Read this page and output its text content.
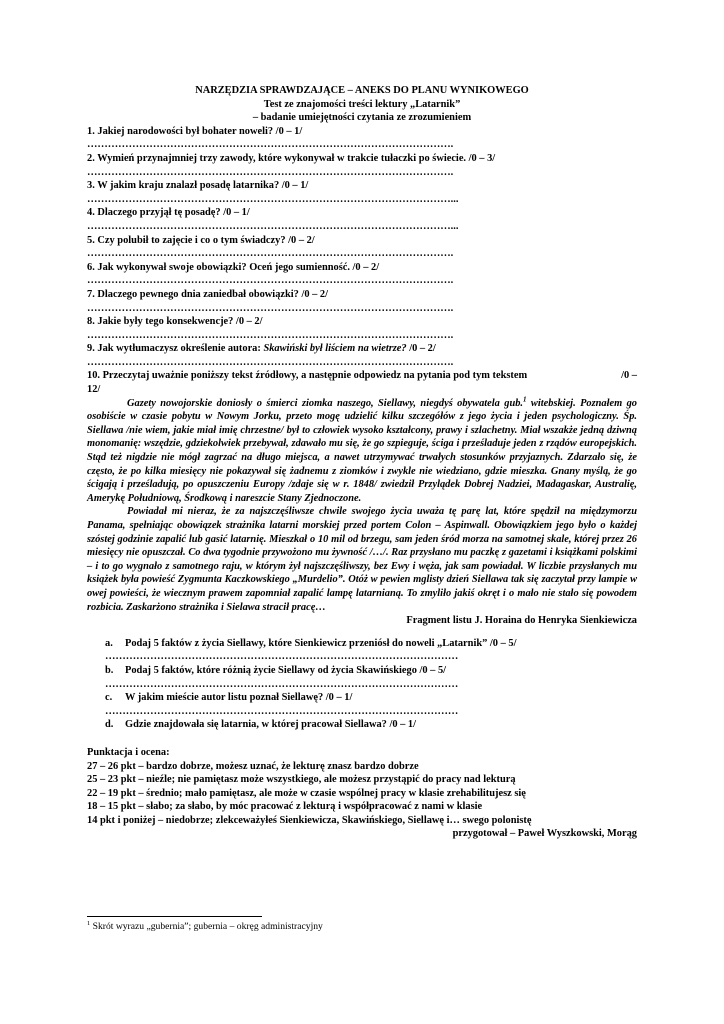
NARZĘDZIA SPRAWDZAJĄCE – ANEKS DO PLANU WYNIKOWEGO
Test ze znajomości treści lektury „Latarnik”
– badanie umiejętności czytania ze zrozumieniem
1. Jakiej narodowości był bohater noweli? /0 – 1/
…………………………………………………………………………………………….
2. Wymień przynajmniej trzy zawody, które wykonywał w trakcie tułaczki po świecie. /0 – 3/
…………………………………………………………………………………………….
3. W jakim kraju znalazł posadę latarnika? /0 – 1/
……………………………………………………………………………………………...
4. Dlaczego przyjął tę posadę? /0 – 1/
……………………………………………………………………………………………...
5. Czy polubił to zajęcie i co o tym świadczy? /0 – 2/
…………………………………………………………………………………………….
6. Jak wykonywał swoje obowiązki? Oceń jego sumienność. /0 – 2/
…………………………………………………………………………………………….
7. Dlaczego pewnego dnia zaniedbał obowiązki? /0 – 2/
…………………………………………………………………………………………….
8. Jakie były tego konsekwencje? /0 – 2/
…………………………………………………………………………………………….
9. Jak wytłumaczysz określenie autora: Skawiński był liściem na wietrze? /0 – 2/
…………………………………………………………………………………………….
10. Przeczytaj uważnie poniższy tekst źródłowy, a następnie odpowiedz na pytania pod tym tekstem	/0 –
12/
Gazety nowojorskie doniosły o śmierci ziomka naszego, Siellawy, niegdyś obywatela gub.$^1$ witebskiej. Poznałem go osobiście w czasie pobytu w Nowym Jorku, przeto mogę udzielić kilku szczegółów z jego życia i jeden psychologiczny. Śp. Siellawa /nie wiem, jakie miał imię chrzestne/ był to człowiek wysoko kształcony, prawy i szlachetny. Miał wszakże jedną dziwną monomanię: wszędzie, gdziekolwiek przebywał, zdawało mu się, że go szpieguje, ściga i prześladuje jeden z rządów europejskich. Stąd też nigdzie nie mógł zagrzać na długo miejsca, a nawet utrzymywać trwałych stosunków przyjaznych. Zdarzało się, że często, że po kilka miesięcy nie pokazywał się żadnemu z ziomków i zwykle nie wiedziano, gdzie mieszka. Gnany myślą, że go ścigają i prześladują, po opuszczeniu Europy /zdaje się w r. 1848/ zwiedził Przylądek Dobrej Nadziei, Madagaskar, Australię, Amerykę Południową, Środkową i nareszcie Stany Zjednoczone.
Powiadał mi nieraz, że za najszczęśliwsze chwile swojego życia uważa tę parę lat, które spędził na międzymorzu Panama, spełniając obowiązek strażnika latarni morskiej przed portem Colon – Aspinwall. Obowiązkiem jego było o każdej szóstej godzinie zapalić lub gasić latarnię. Mieszkał o 10 mil od brzegu, sam jeden śród morza na samotnej skale, której przez 26 miesięcy nie opuszczał. Co dwa tygodnie przywożono mu żywność /…/. Raz przysłano mu paczkę z gazetami i książkami polskimi – i to go wygnało z samotnego raju, w którym żył najszczęśliwszy, bez Ewy i węża, jak sam powiadał. W liczbie przysłanych mu książek była powieść Zygmunta Kaczkowskiego „Murdelio”. Otóż w pewien mglisty dzień Siellawa tak się zaczytał przy lampie w owej powieści, że wiecznym prawem zapomniał zapalić lampę latarnianą. To zmyliło jakiś okręt i o mało nie stało się powodem rozbicia. Zaskarżono strażnika i Sielawa stracił pracę…
Fragment listu J. Horaina do Henryka Sienkiewicza
a. Podaj 5 faktów z życia Siellawy, które Sienkiewicz przeniósł do noweli „Latarnik” /0 – 5/
…………………………………………………………………………………………
b. Podaj 5 faktów, które różnią życie Siellawy od życia Skawińskiego /0 – 5/
…………………………………………………………………………………………
c. W jakim mieście autor listu poznał Siellawę? /0 – 1/
…………………………………………………………………………………………
d. Gdzie znajdowała się latarnia, w której pracował Siellawa? /0 – 1/
Punktacja i ocena:
27 – 26 pkt – bardzo dobrze, możesz uznać, że lekturę znasz bardzo dobrze
25 – 23 pkt – nieźle; nie pamiętasz może wszystkiego, ale możesz przystąpić do pracy nad lekturą
22 – 19 pkt – średnio; mało pamiętasz, ale może w czasie wspólnej pracy w klasie zrehabilitujesz się
18 – 15 pkt – słabo; za słabo, by móc pracować z lekturą i współpracować z nami w klasie
14 pkt i poniżej – niedobrze; zlekceważyłeś Sienkiewicza, Skawińskiego, Siellawę i… swego polonistę
przygotował – Paweł Wyszkowski, Morąg
$^1$ Skrót wyrazu „gubernia”; gubernia – okręg administracyjny
